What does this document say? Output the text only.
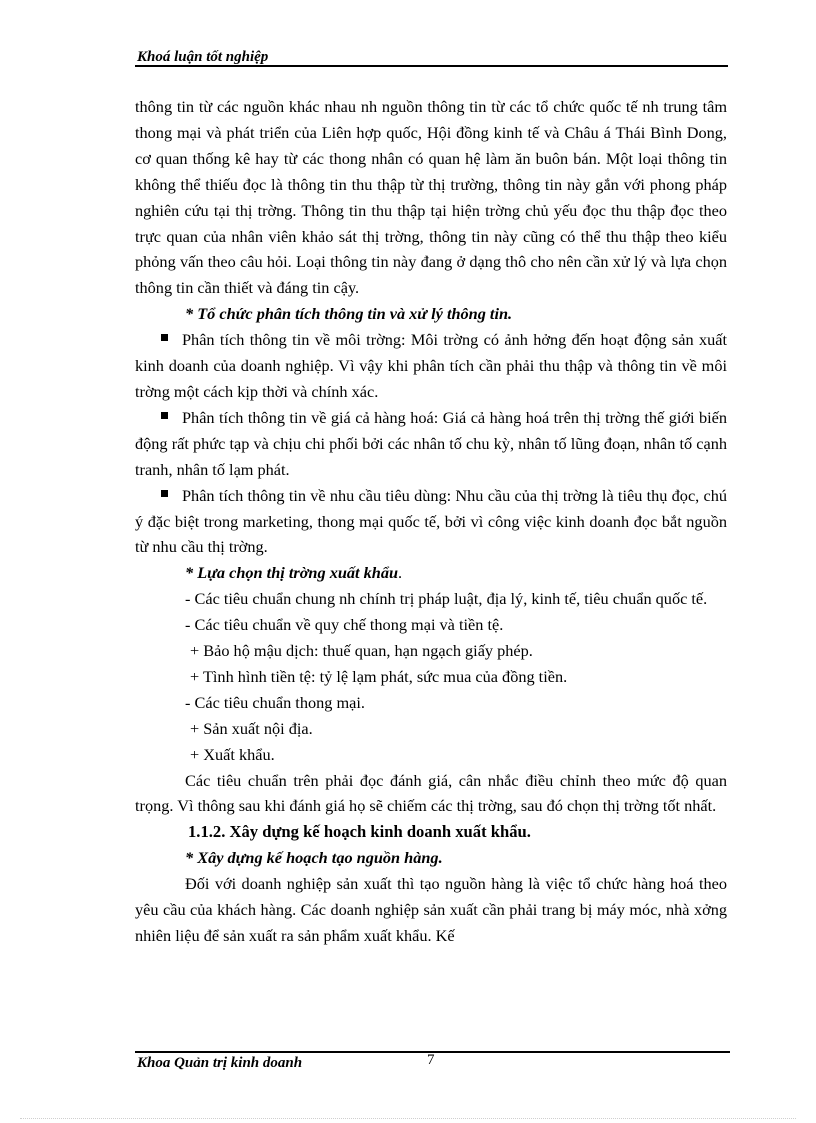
Khoá luận tốt nghiệp

thông tin từ các nguồn khác nhau nh nguồn thông tin từ các tổ chức quốc tế nh trung tâm thong mại và phát triển của Liên hợp quốc, Hội đồng kinh tế và Châu á Thái Bình Dong, cơ quan thống kê hay từ các thong nhân có quan hệ làm ăn buôn bán. Một loại thông tin không thể thiếu đọc là thông tin thu thập từ thị trường, thông tin này gắn với phong pháp nghiên cứu tại thị trờng. Thông tin thu thập tại hiện trờng chủ yếu đọc thu thập đọc theo trực quan của nhân viên khảo sát thị trờng, thông tin này cũng có thể thu thập theo kiểu phỏng vấn theo câu hỏi. Loại thông tin này đang ở dạng thô cho nên cần xử lý và lựa chọn thông tin cần thiết và đáng tin cậy.

* Tổ chức phân tích thông tin và xử lý thông tin.

Phân tích thông tin về môi trờng: Môi trờng có ảnh hởng đến hoạt động sản xuất kinh doanh của doanh nghiệp. Vì vậy khi phân tích cần phải thu thập và thông tin về môi trờng một cách kịp thời và chính xác.

Phân tích thông tin về giá cả hàng hoá: Giá cả hàng hoá trên thị trờng thế giới biến động rất phức tạp và chịu chi phối bởi các nhân tố chu kỳ, nhân tố lũng đoạn, nhân tố cạnh tranh, nhân tố lạm phát.

Phân tích thông tin về nhu cầu tiêu dùng: Nhu cầu của thị trờng là tiêu thụ đọc, chú ý đặc biệt trong marketing, thong mại quốc tế, bởi vì công việc kinh doanh đọc bắt nguồn từ nhu cầu thị trờng.

* Lựa chọn thị trờng xuất khẩu.

- Các tiêu chuẩn chung nh chính trị pháp luật, địa lý, kinh tế, tiêu chuẩn quốc tế.

- Các tiêu chuẩn về quy chế thong mại và tiền tệ.

+ Bảo hộ mậu dịch: thuế quan, hạn ngạch giấy phép.

+ Tình hình tiền tệ: tỷ lệ lạm phát, sức mua của đồng tiền.

- Các tiêu chuẩn thong mại.

+ Sản xuất nội địa.

+ Xuất khẩu.

Các tiêu chuẩn trên phải đọc đánh giá, cân nhắc điều chỉnh theo mức độ quan trọng. Vì thông sau khi đánh giá họ sẽ chiếm các thị trờng, sau đó chọn thị trờng tốt nhất.

1.1.2. Xây dựng kế hoạch kinh doanh xuất khẩu.

* Xây dựng kế hoạch tạo nguồn hàng.

Đối với doanh nghiệp sản xuất thì tạo nguồn hàng là việc tổ chức hàng hoá theo yêu cầu của khách hàng. Các doanh nghiệp sản xuất cần phải trang bị máy móc, nhà xởng nhiên liệu để sản xuất ra sản phẩm xuất khẩu. Kế

Khoa Quản trị kinh doanh	7
